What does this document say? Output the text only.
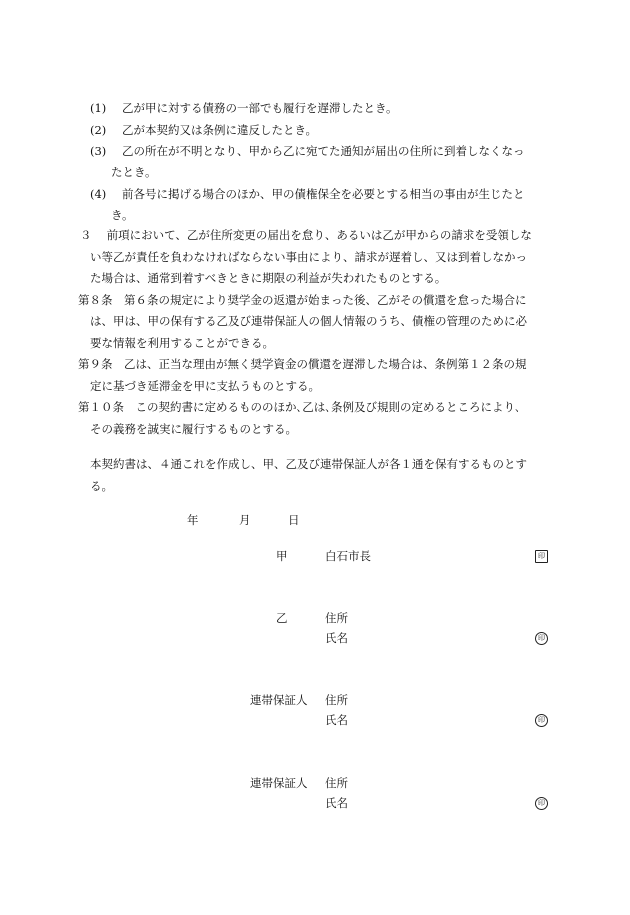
(1) 乙が甲に対する債務の一部でも履行を遅滞したとき。
(2) 乙が本契約又は条例に違反したとき。
(3) 乙の所在が不明となり、甲から乙に宛てた通知が届出の住所に到着しなくなっ
たとき。
(4) 前各号に掲げる場合のほか、甲の債権保全を必要とする相当の事由が生じたと
き。
３　 前項において、乙が住所変更の届出を怠り、あるいは乙が甲からの請求を受領しな
い等乙が責任を負わなければならない事由により、請求が遅着し、又は到着しなかっ
た場合は、通常到着すべきときに期限の利益が失われたものとする。
第８条　第６条の規定により奨学金の返還が始まった後、乙がその償還を怠った場合に
は、甲は、甲の保有する乙及び連帯保証人の個人情報のうち、債権の管理のために必
要な情報を利用することができる。
第９条　乙は、正当な理由が無く奨学資金の償還を遅滞した場合は、条例第１２条の規
定に基づき延滞金を甲に支払うものとする。
第１０条　この契約書に定めるもののほか､乙は､条例及び規則の定めるところにより､
その義務を誠実に履行するものとする。
本契約書は、４通これを作成し、甲、乙及び連帯保証人が各１通を保有するものとす
る。
年	月	日
甲	白石市長	印
乙	住所
氏名	印
連帯保証人 住所
氏名	印
連帯保証人 住所
氏名	印
